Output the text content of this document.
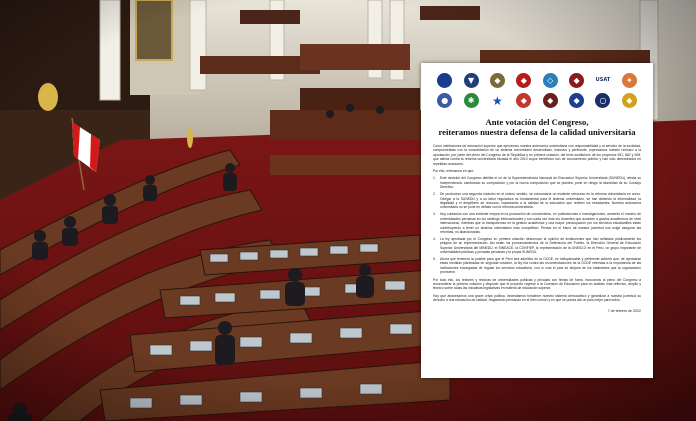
▼	◆	◆	◇	◆	USAT	✦
●	✱	★	◆	◆	◆	○	◆
Ante votación del Congreso,
reiteramos nuestra defensa de la calidad universitaria

Como instituciones de educación superior que ejercemos nuestra autonomía universitaria con responsabilidad y al servicio de la sociedad, comprometidas con la consolidación de un sistema universitario desarrollado, inclusivo y pertinente, expresamos nuestro rechazo a la aprobación, por parte del pleno del Congreso de la República y en primera votación, del texto sustitutorio de los proyectos 951, 882 y 908, que atenta contra la reforma universitaria iniciada el año 2014 cuyos beneficios son de conocimiento público y han sido demostrados en repetidas ocasiones.

Por ello, reiteramos en que:

1.	Este decisión del Congreso debilita el rol de la Superintendencia Nacional de Educación Superior Universitaria (SUNEDU), afecta su independencia, cambiando su composición y por la nueva composición que se plantea, pone en riesgo la idoneidad de su Consejo Directivo.
2.	De producirse una segunda votación en el mismo sentido, se consumaría un evidente retroceso en la reforma universitaria en curso. Otorgar a la SUNEDU y a su labor reguladora es fundamental para el sistema universitario, se han detenido la informalidad, la ilegalidad y el despilfarro de recursos, impactando a la calidad de la educación que reciben los estudiantes. Nuestra autonomía universitaria no se pone en debate con la reforma universitaria.
3.	Hoy contamos con una evidente mejora en la producción de conocimiento, en publicaciones e investigaciones, aumentó el número de universidades peruanas en los rankings internacionales y son cada vez más los docentes que acceden a grados académicos de nivel internacional, mientras que la transparencia en la gestión académica y una mayor preocupación por los servicios estudiantiles están contribuyendo a tener un sistema universitario más competitivo. Pensar en el futuro de nuestra juventud nos exige asegurar las reformas, no abandonarlas.
4.	La ley aprobada por el Congreso en primera votación desconoce la opinión de instituciones que han señalado públicamente los peligros de su implementación. Así están los pronunciamientos de la Defensoría del Pueblo, la Dirección General de Educación Superior Universitaria del MINEDU, el SINEACE, la CONFIEP, la representación de la UNESCO en el Perú, un grupo importante de universidades públicas y privadas peruanas y la propia SUNEDU.
5.	Ahora que tenemos la posible para que el Perú sea admitido en la OCDE, es indispensable y pertinente advertir que, de aprobarse estas medidas planteadas en segunda votación, la ley iría contra las recomendaciones de la OCDE referidas a la importancia de las instituciones encargadas de regular los servicios educativos, con lo cual el país se alejaría de los estándares que la organización promueve.

Por todo ello, los rectores y rectoras de universidades públicas y privadas con firmas de fuera, invocamos al pleno del Congreso a reconsiderar la primera votación y disponer que el proyecto regrese a la Comisión de Educación para un análisis más reflexivo, amplio y técnico sobre todas las iniciativas legislativas en materia de educación superior.

Hoy que atravesamos una grave crisis política, necesitamos fortalecer nuestro sistema democrático y garantizar a nuestra juventud su derecho a una educación de calidad. Hagámoslo pensando en el bien común y en que se pueda dar un país mejor para todos.

7 de febrero de 2022
